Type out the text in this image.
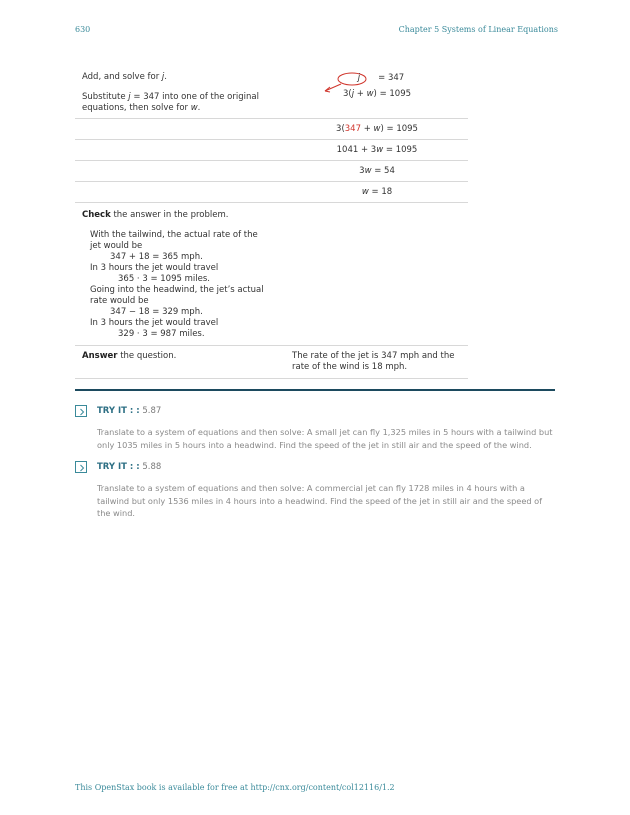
630	Chapter 5 Systems of Linear Equations
Add, and solve for j.
Substitute j = 347 into one of the original equations, then solve for w.
j = 347
3(j + w) = 1095
3(347 + w) = 1095
1041 + 3w = 1095
3w = 54
w = 18
Check the answer in the problem.
With the tailwind, the actual rate of the
jet would be
347 + 18 = 365 mph.
In 3 hours the jet would travel
365 · 3 = 1095 miles.
Going into the headwind, the jet’s actual
rate would be
347 − 18 = 329 mph.
In 3 hours the jet would travel
329 · 3 = 987 miles.
Answer the question.	The rate of the jet is 347 mph and the
rate of the wind is 18 mph.
TRY IT : : 5.87
Translate to a system of equations and then solve: A small jet can fly 1,325 miles in 5 hours with a tailwind but only 1035 miles in 5 hours into a headwind. Find the speed of the jet in still air and the speed of the wind.
TRY IT : : 5.88
Translate to a system of equations and then solve: A commercial jet can fly 1728 miles in 4 hours with a tailwind but only 1536 miles in 4 hours into a headwind. Find the speed of the jet in still air and the speed of the wind.
This OpenStax book is available for free at http://cnx.org/content/col12116/1.2
